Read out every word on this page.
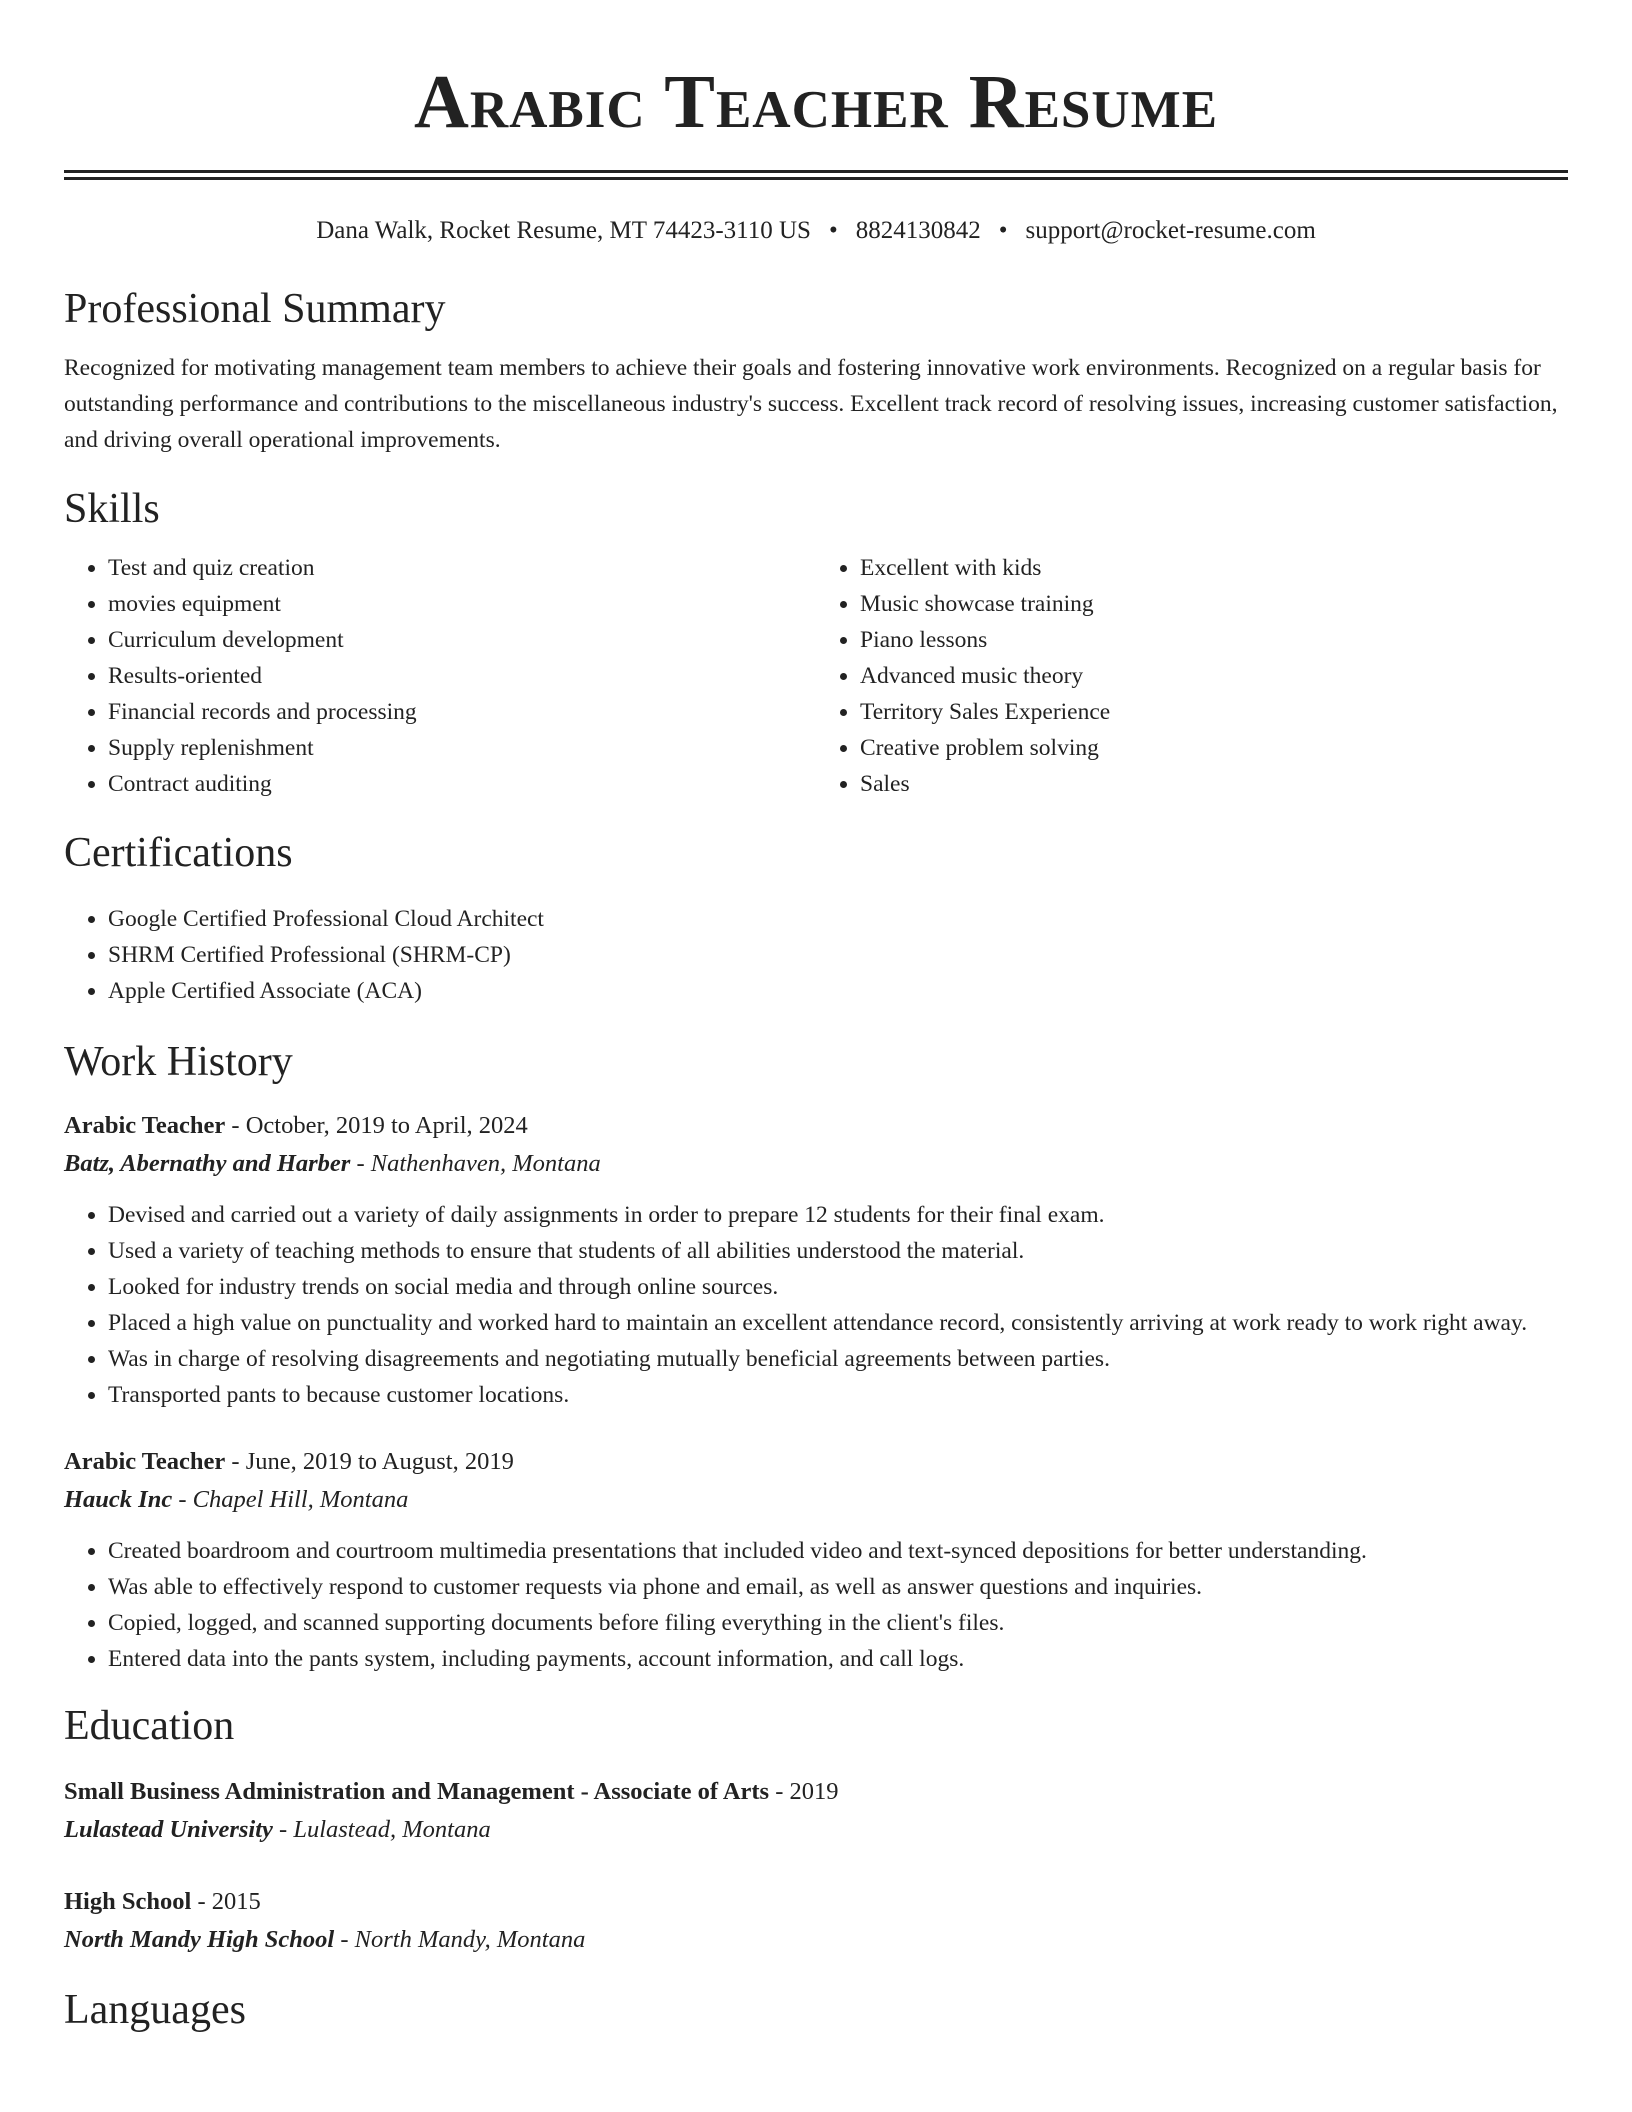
Arabic Teacher Resume
Dana Walk, Rocket Resume, MT 74423-3110 US • 8824130842 • support@rocket-resume.com
Professional Summary

Recognized for motivating management team members to achieve their goals and fostering innovative work environments. Recognized on a regular basis for outstanding performance and contributions to the miscellaneous industry's success. Excellent track record of resolving issues, increasing customer satisfaction, and driving overall operational improvements.

Skills
• Test and quiz creation
• movies equipment
• Curriculum development
• Results-oriented
• Financial records and processing
• Supply replenishment
• Contract auditing
• Excellent with kids
• Music showcase training
• Piano lessons
• Advanced music theory
• Territory Sales Experience
• Creative problem solving
• Sales
Certifications
• Google Certified Professional Cloud Architect
• SHRM Certified Professional (SHRM-CP)
• Apple Certified Associate (ACA)
Work History
Arabic Teacher - October, 2019 to April, 2024
Batz, Abernathy and Harber - Nathenhaven, Montana
• Devised and carried out a variety of daily assignments in order to prepare 12 students for their final exam.
• Used a variety of teaching methods to ensure that students of all abilities understood the material.
• Looked for industry trends on social media and through online sources.
• Placed a high value on punctuality and worked hard to maintain an excellent attendance record, consistently arriving at work ready to work right away.
• Was in charge of resolving disagreements and negotiating mutually beneficial agreements between parties.
• Transported pants to because customer locations.
Arabic Teacher - June, 2019 to August, 2019
Hauck Inc - Chapel Hill, Montana
• Created boardroom and courtroom multimedia presentations that included video and text-synced depositions for better understanding.
• Was able to effectively respond to customer requests via phone and email, as well as answer questions and inquiries.
• Copied, logged, and scanned supporting documents before filing everything in the client's files.
• Entered data into the pants system, including payments, account information, and call logs.
Education
Small Business Administration and Management - Associate of Arts - 2019
Lulastead University - Lulastead, Montana
High School - 2015
North Mandy High School - North Mandy, Montana
Languages
